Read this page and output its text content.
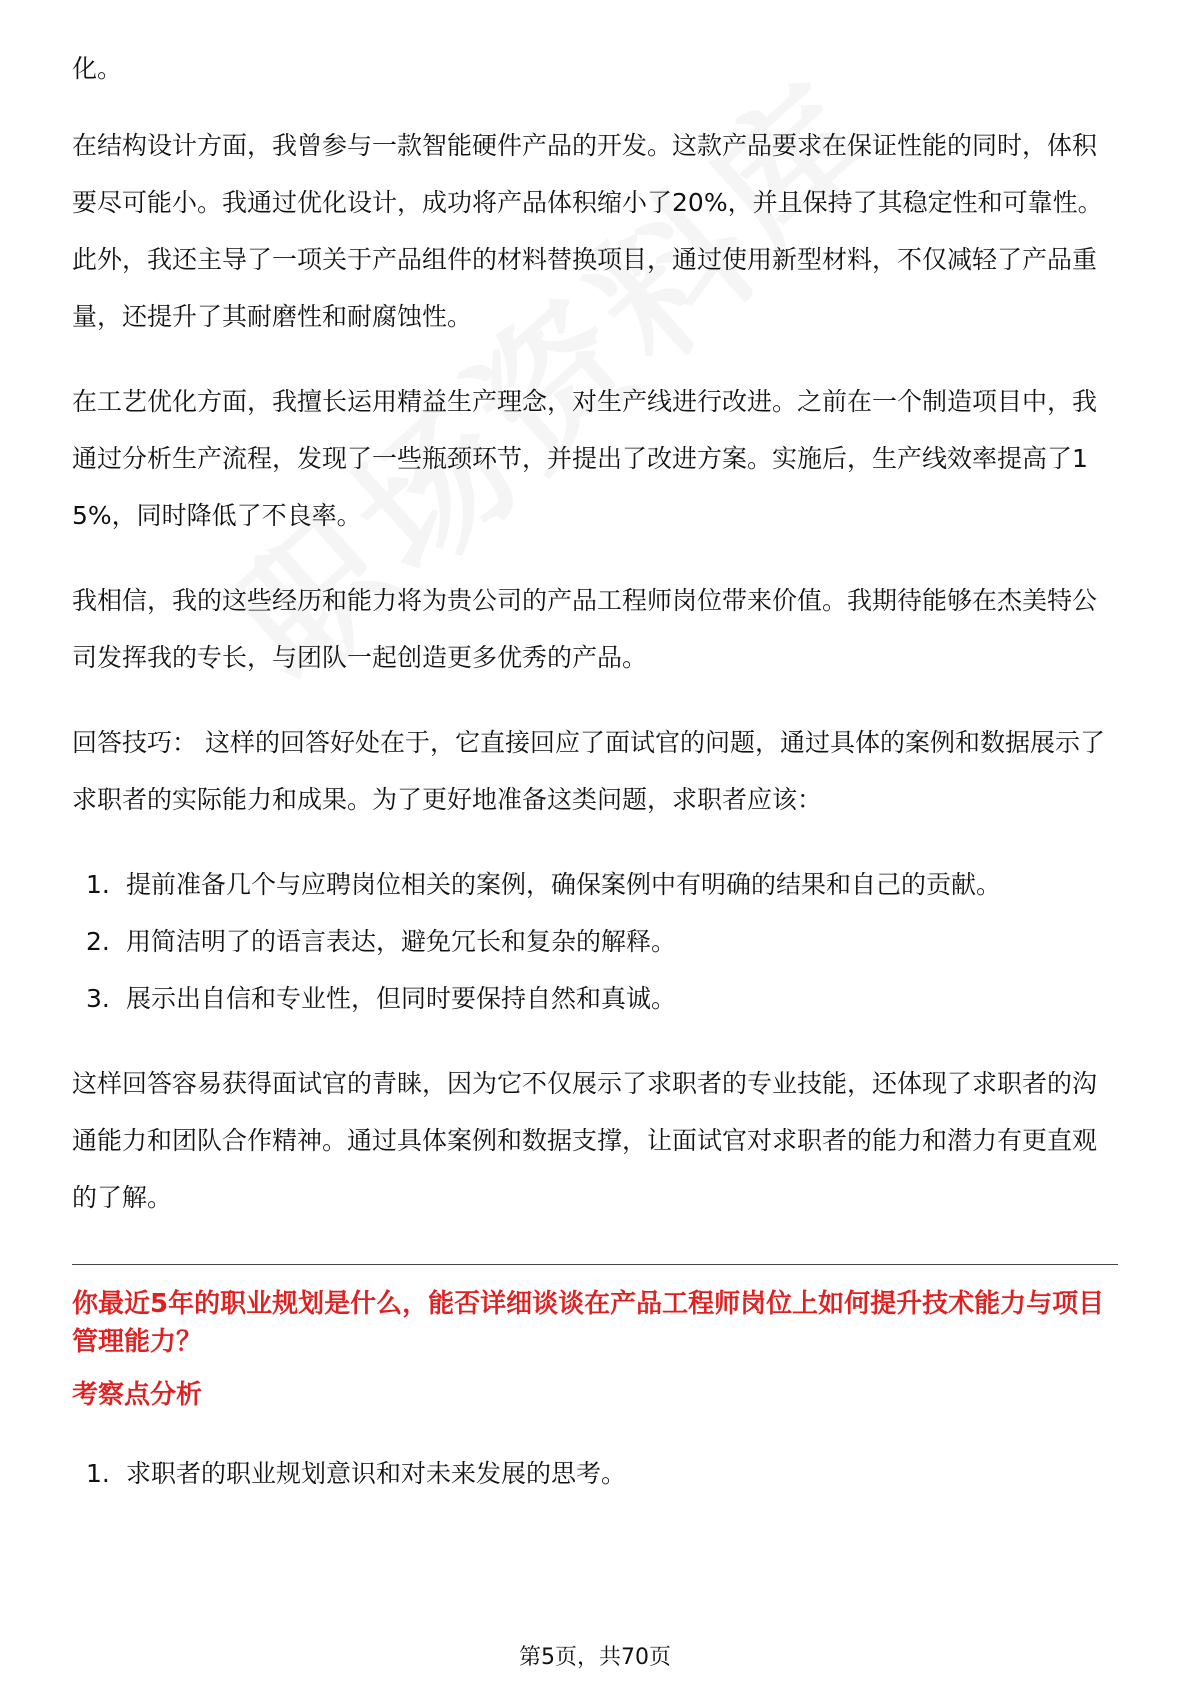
化。

在结构设计方面，我曾参与一款智能硬件产品的开发。这款产品要求在保证性能的同时，体积要尽可能小。我通过优化设计，成功将产品体积缩小了20%，并且保持了其稳定性和可靠性。此外，我还主导了一项关于产品组件的材料替换项目，通过使用新型材料，不仅减轻了产品重量，还提升了其耐磨性和耐腐蚀性。

在工艺优化方面，我擅长运用精益生产理念，对生产线进行改进。之前在一个制造项目中，我通过分析生产流程，发现了一些瓶颈环节，并提出了改进方案。实施后，生产线效率提高了15%，同时降低了不良率。

我相信，我的这些经历和能力将为贵公司的产品工程师岗位带来价值。我期待能够在杰美特公司发挥我的专长，与团队一起创造更多优秀的产品。

回答技巧： 这样的回答好处在于，它直接回应了面试官的问题，通过具体的案例和数据展示了求职者的实际能力和成果。为了更好地准备这类问题，求职者应该：

1. 提前准备几个与应聘岗位相关的案例，确保案例中有明确的结果和自己的贡献。
2. 用简洁明了的语言表达，避免冗长和复杂的解释。
3. 展示出自信和专业性，但同时要保持自然和真诚。

这样回答容易获得面试官的青睐，因为它不仅展示了求职者的专业技能，还体现了求职者的沟通能力和团队合作精神。通过具体案例和数据支撑，让面试官对求职者的能力和潜力有更直观的了解。

你最近5年的职业规划是什么，能否详细谈谈在产品工程师岗位上如何提升技术能力与项目管理能力？

考察点分析

1. 求职者的职业规划意识和对未来发展的思考。
第5页，共70页
